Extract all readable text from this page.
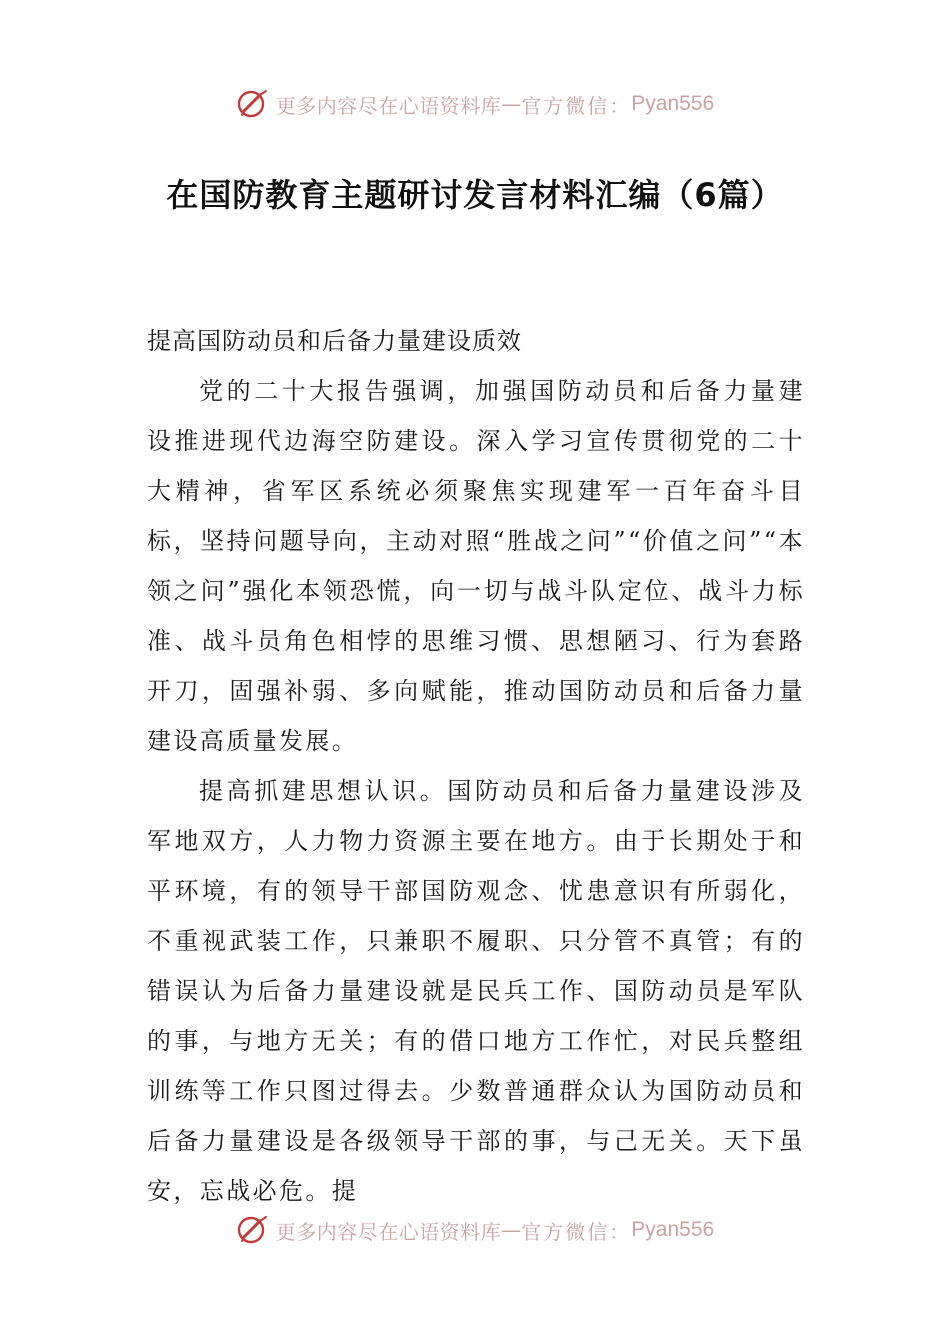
更多内容尽在心语资料库 — 官方微信： Pyan556
在国防教育主题研讨发言材料汇编（6篇）

提高国防动员和后备力量建设质效

党的二十大报告强调，加强国防动员和后备力量建设推进现代边海空防建设。深入学习宣传贯彻党的二十大精神，省军区系统必须聚焦实现建军一百年奋斗目标，坚持问题导向，主动对照“胜战之问”“价值之问”“本领之问”强化本领恐慌，向一切与战斗队定位、战斗力标准、战斗员角色相悖的思维习惯、思想陋习、行为套路开刀，固强补弱、多向赋能，推动国防动员和后备力量建设高质量发展。

提高抓建思想认识。国防动员和后备力量建设涉及军地双方，人力物力资源主要在地方。由于长期处于和平环境，有的领导干部国防观念、忧患意识有所弱化，不重视武装工作，只兼职不履职、只分管不真管；有的错误认为后备力量建设就是民兵工作、国防动员是军队的事，与地方无关；有的借口地方工作忙，对民兵整组训练等工作只图过得去。少数普通群众认为国防动员和后备力量建设是各级领导干部的事，与己无关。天下虽安，忘战必危。提

更多内容尽在心语资料库 — 官方微信： Pyan556
